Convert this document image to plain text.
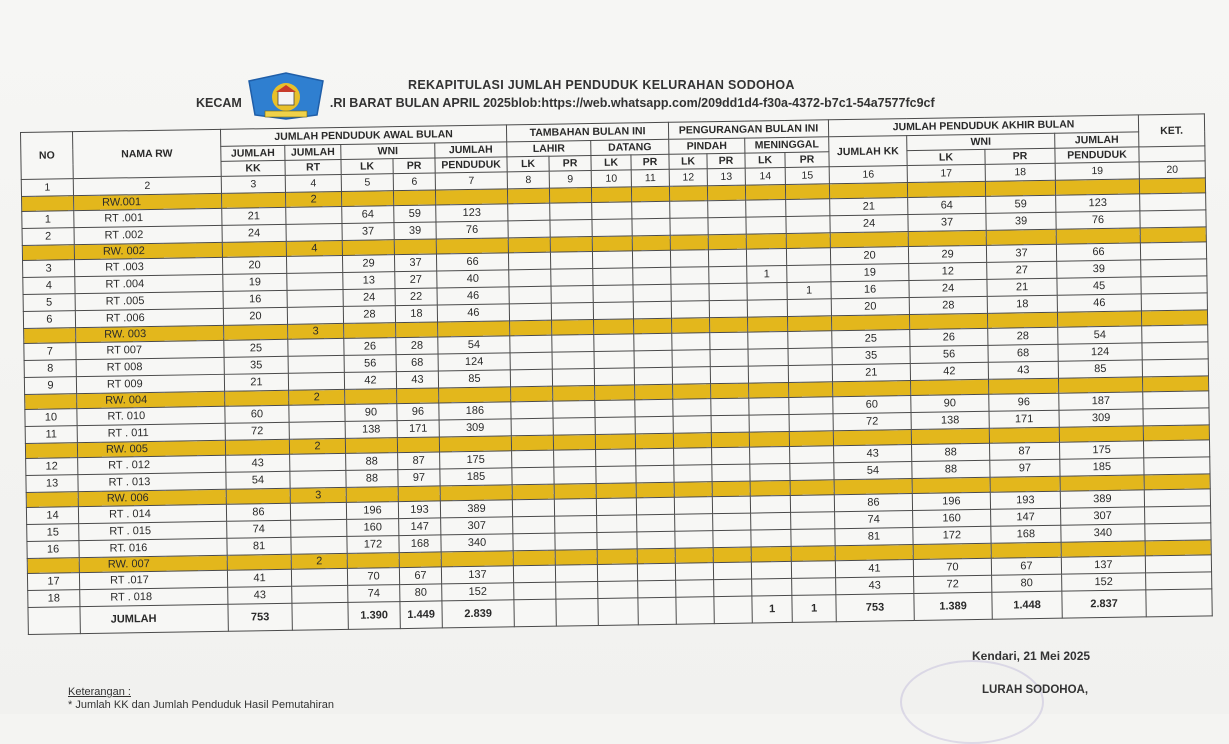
REKAPITULASI JUMLAH PENDUDUK KELURAHAN SODOHOA
KECAM	.RI BARAT BULAN APRIL 2025blob:https://web.whatsapp.com/209dd1d4-f30a-4372-b7c1-54a7577fc9cf
NO	NAMA RW	JUMLAH PENDUDUK AWAL BULAN					TAMBAHAN BULAN INI				PENGURANGAN BULAN INI				JUMLAH PENDUDUK AKHIR BULAN				KET.
		JUMLAH	JUMLAH	WNI		JUMLAH	LAHIR		DATANG		PINDAH		MENINGGAL		JUMLAH KK	WNI		JUMLAH	
		KK	RT	LK	PR	PENDUDUK	LK	PR	LK	PR	LK	PR	LK	PR		LK	PR	PENDUDUK	
1	2	3	4	5	6	7	8	9	10	11	12	13	14	15	16	17	18	19	20
	RW.001		2																
1	RT .001	21		64	59	123									21	64	59	123	
2	RT .002	24		37	39	76									24	37	39	76	
	RW. 002		4																
3	RT .003	20		29	37	66									20	29	37	66	
4	RT .004	19		13	27	40							1		19	12	27	39	
5	RT .005	16		24	22	46								1	16	24	21	45	
6	RT .006	20		28	18	46									20	28	18	46	
	RW. 003		3																
7	RT 007	25		26	28	54									25	26	28	54	
8	RT 008	35		56	68	124									35	56	68	124	
9	RT 009	21		42	43	85									21	42	43	85	
	RW. 004		2																
10	RT. 010	60		90	96	186									60	90	96	187	
11	RT . 011	72		138	171	309									72	138	171	309	
	RW. 005		2																
12	RT . 012	43		88	87	175									43	88	87	175	
13	RT . 013	54		88	97	185									54	88	97	185	
	RW. 006		3																
14	RT . 014	86		196	193	389									86	196	193	389	
15	RT . 015	74		160	147	307									74	160	147	307	
16	RT. 016	81		172	168	340									81	172	168	340	
	RW. 007		2																
17	RT .017	41		70	67	137									41	70	67	137	
18	RT . 018	43		74	80	152									43	72	80	152	
	JUMLAH	753		1.390	1.449	2.839							1	1	753	1.389	1.448	2.837	
Kendari, 21 Mei 2025
LURAH SODOHOA,
Keterangan :
* Jumlah KK dan Jumlah Penduduk Hasil Pemutahiran
